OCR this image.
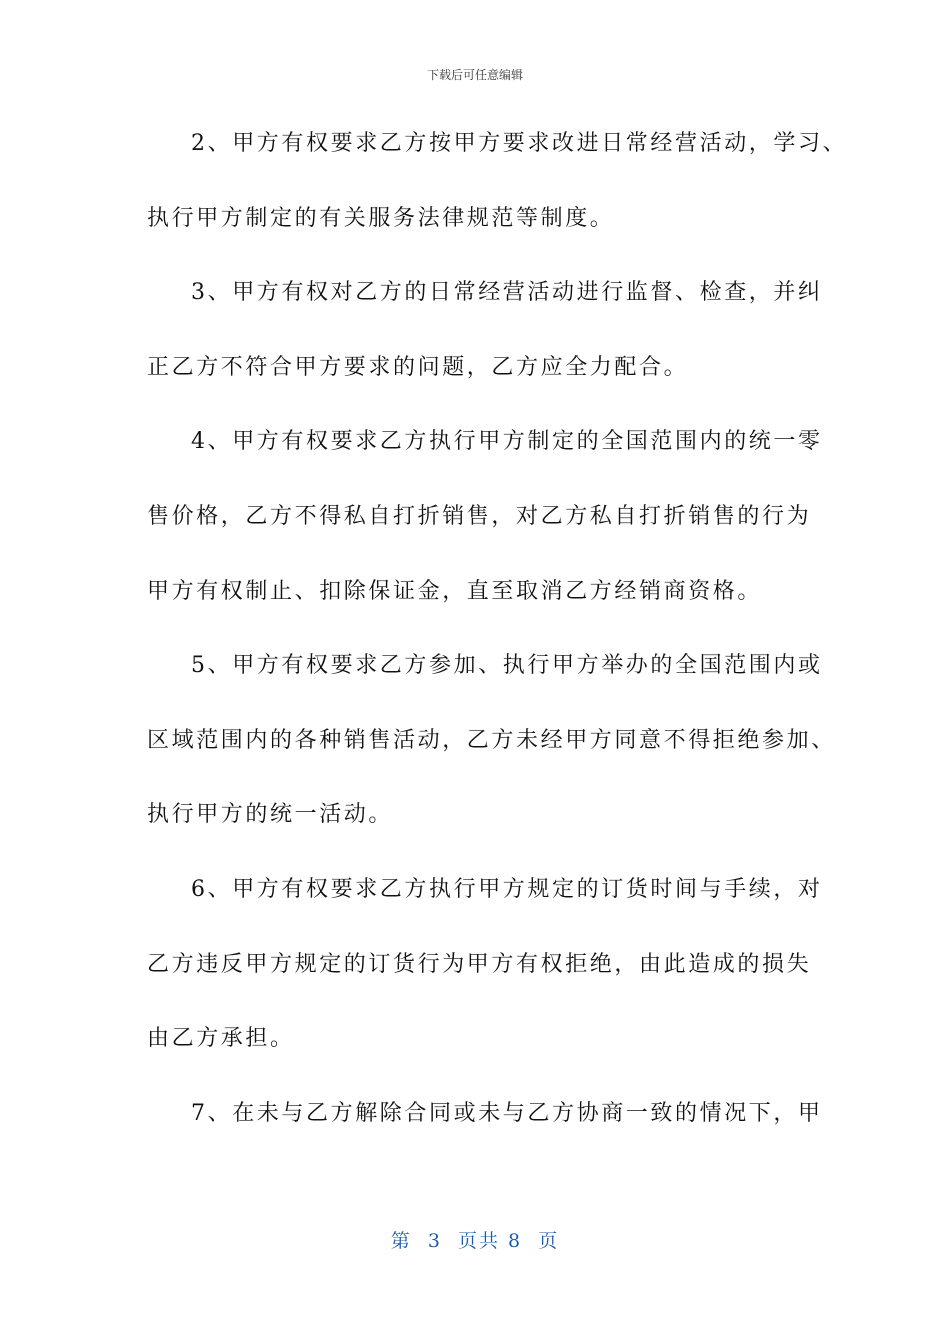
下载后可任意编辑
2、甲方有权要求乙方按甲方要求改进日常经营活动，学习、
执行甲方制定的有关服务法律规范等制度。
3、甲方有权对乙方的日常经营活动进行监督、检查，并纠
正乙方不符合甲方要求的问题，乙方应全力配合。
4、甲方有权要求乙方执行甲方制定的全国范围内的统一零
售价格，乙方不得私自打折销售，对乙方私自打折销售的行为
甲方有权制止、扣除保证金，直至取消乙方经销商资格。
5、甲方有权要求乙方参加、执行甲方举办的全国范围内或
区域范围内的各种销售活动，乙方未经甲方同意不得拒绝参加、
执行甲方的统一活动。
6、甲方有权要求乙方执行甲方规定的订货时间与手续，对
乙方违反甲方规定的订货行为甲方有权拒绝，由此造成的损失
由乙方承担。
7、在未与乙方解除合同或未与乙方协商一致的情况下，甲
第  3  页共 8  页
